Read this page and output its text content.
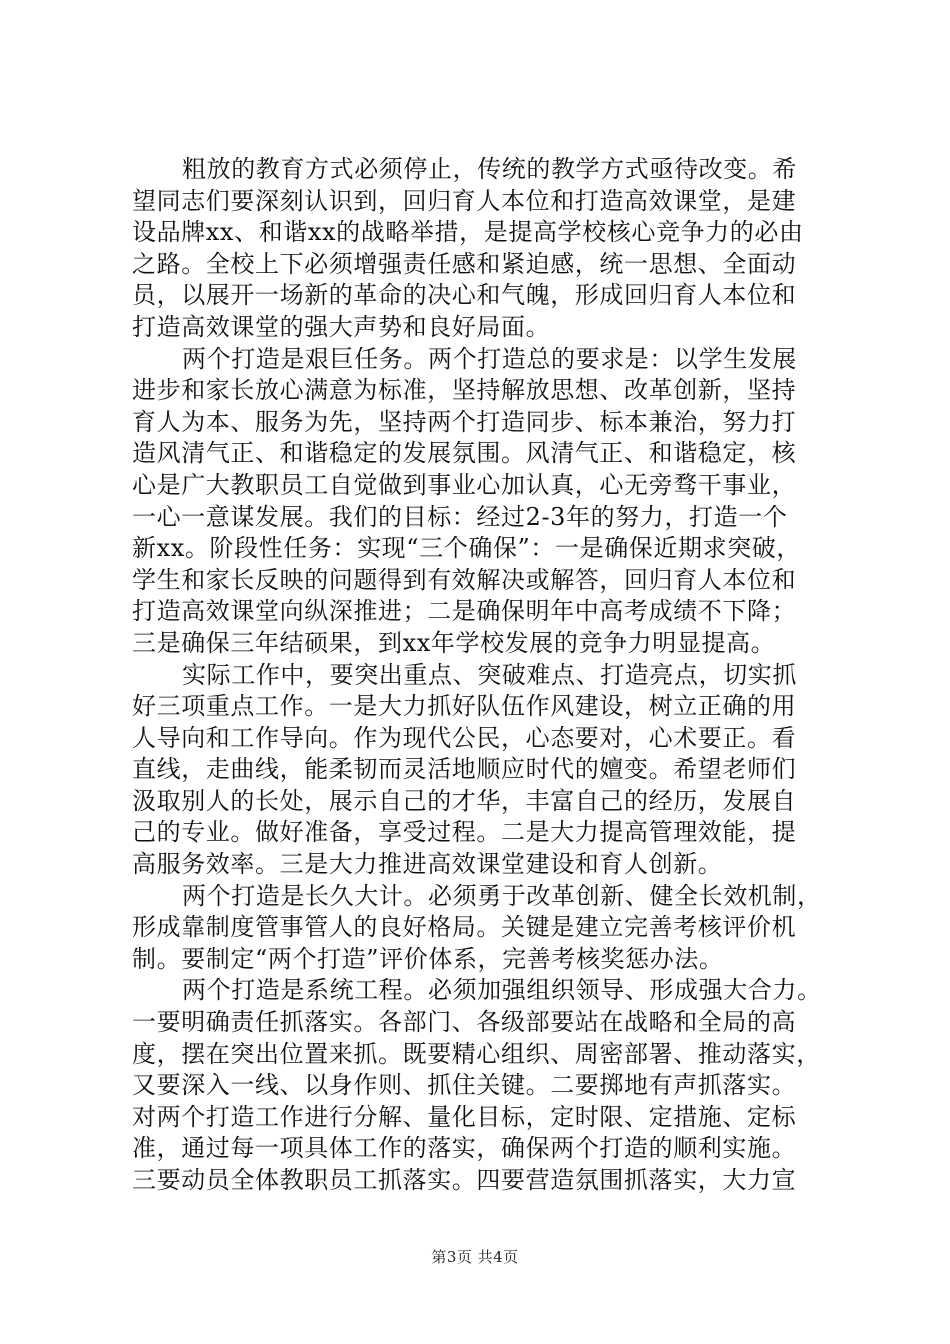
粗放的教育方式必须停止，传统的教学方式亟待改变。希
望同志们要深刻认识到，回归育人本位和打造高效课堂，是建
设品牌xx、和谐xx的战略举措，是提高学校核心竞争力的必由
之路。全校上下必须增强责任感和紧迫感，统一思想、全面动
员，以展开一场新的革命的决心和气魄，形成回归育人本位和
打造高效课堂的强大声势和良好局面。
两个打造是艰巨任务。两个打造总的要求是：以学生发展
进步和家长放心满意为标准，坚持解放思想、改革创新，坚持
育人为本、服务为先，坚持两个打造同步、标本兼治，努力打
造风清气正、和谐稳定的发展氛围。风清气正、和谐稳定，核
心是广大教职员工自觉做到事业心加认真，心无旁骛干事业，
一心一意谋发展。我们的目标：经过2-3年的努力，打造一个
新xx。阶段性任务：实现“三个确保”：一是确保近期求突破，
学生和家长反映的问题得到有效解决或解答，回归育人本位和
打造高效课堂向纵深推进；二是确保明年中高考成绩不下降；
三是确保三年结硕果，到xx年学校发展的竞争力明显提高。
实际工作中，要突出重点、突破难点、打造亮点，切实抓
好三项重点工作。一是大力抓好队伍作风建设，树立正确的用
人导向和工作导向。作为现代公民，心态要对，心术要正。看
直线，走曲线，能柔韧而灵活地顺应时代的嬗变。希望老师们
汲取别人的长处，展示自己的才华，丰富自己的经历，发展自
己的专业。做好准备，享受过程。二是大力提高管理效能，提
高服务效率。三是大力推进高效课堂建设和育人创新。
两个打造是长久大计。必须勇于改革创新、健全长效机制，
形成靠制度管事管人的良好格局。关键是建立完善考核评价机
制。要制定“两个打造”评价体系，完善考核奖惩办法。
两个打造是系统工程。必须加强组织领导、形成强大合力。
一要明确责任抓落实。各部门、各级部要站在战略和全局的高
度，摆在突出位置来抓。既要精心组织、周密部署、推动落实，
又要深入一线、以身作则、抓住关键。二要掷地有声抓落实。
对两个打造工作进行分解、量化目标，定时限、定措施、定标
准，通过每一项具体工作的落实，确保两个打造的顺利实施。
三要动员全体教职员工抓落实。四要营造氛围抓落实，大力宣
第3页 共4页
